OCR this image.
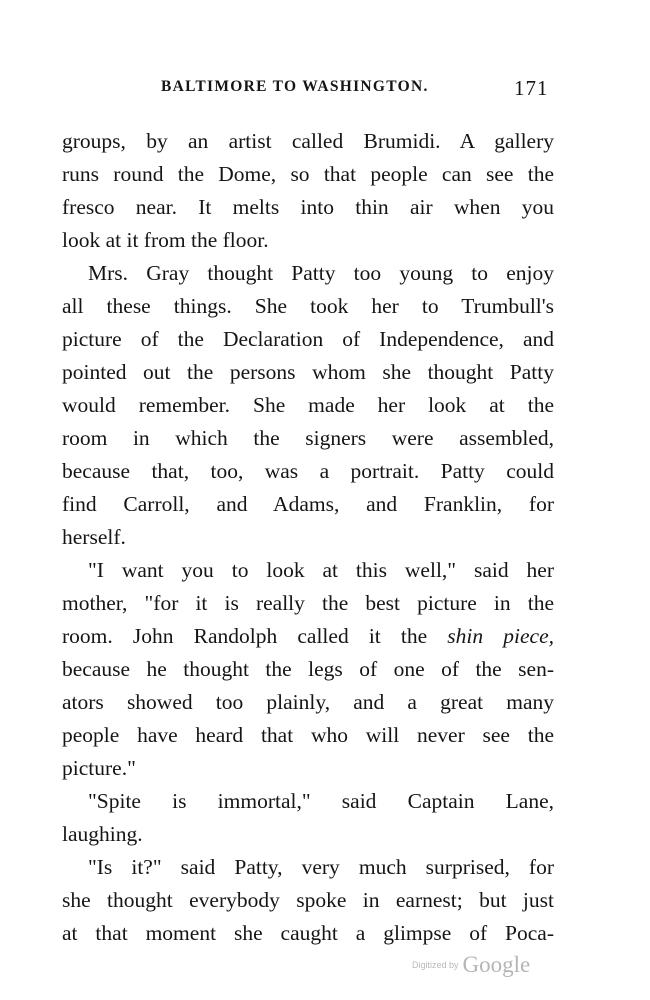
BALTIMORE TO WASHINGTON.	171
groups, by an artist called Brumidi. A gallery
runs round the Dome, so that people can see the
fresco near. It melts into thin air when you
look at it from the floor.
Mrs. Gray thought Patty too young to enjoy
all these things. She took her to Trumbull's
picture of the Declaration of Independence, and
pointed out the persons whom she thought Patty
would remember. She made her look at the
room in which the signers were assembled,
because that, too, was a portrait. Patty could
find Carroll, and Adams, and Franklin, for
herself.
"I want you to look at this well," said her
mother, "for it is really the best picture in the
room. John Randolph called it the shin piece,
because he thought the legs of one of the sen-
ators showed too plainly, and a great many
people have heard that who will never see the
picture."
"Spite is immortal," said Captain Lane,
laughing.
"Is it?" said Patty, very much surprised, for
she thought everybody spoke in earnest; but just
at that moment she caught a glimpse of Poca-
Digitized by Google
